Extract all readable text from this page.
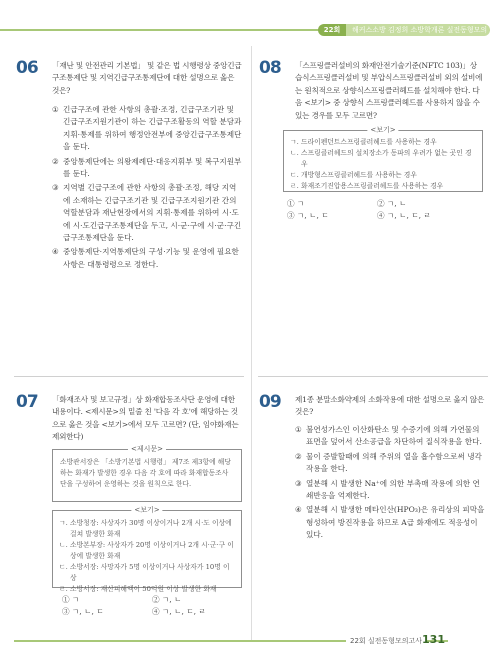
22회	해커스소방 김정희 소방학개론 실전동형모의고사
06 「재난 및 안전관리 기본법」 및 같은 법 시행령상 중앙긴급구조통제단 및 지역긴급구조통제단에 대한 설명으로 옳은 것은?

① 긴급구조에 관한 사항의 총괄·조정, 긴급구조기관 및 긴급구조지원기관이 하는 긴급구조활동의 역할 분담과 지휘·통제를 위하여 행정안전부에 중앙긴급구조통제단을 둔다.
② 중앙통제단에는 의왕제례단·대응지휘부 및 복구지원부를 둔다.
③ 지역별 긴급구조에 관한 사항의 총괄·조정, 해당 지역에 소재하는 긴급구조기관 및 긴급구조지원기관 간의 역할분담과 재난현장에서의 지휘·통제를 위하여 시·도에 시·도긴급구조통제단을 두고, 시·군·구에 시·군·구긴급구조통제단을 둔다.
④ 중앙통제단·지역통제단의 구성·기능 및 운영에 필요한 사항은 대통령령으로 정한다.
08 「스프링클러설비의 화재안전기술기준(NFTC 103)」상 습식스프링클러설비 및 부압식스프링클러설비 외의 설비에는 원칙적으로 상향식스프링클러헤드를 설치해야 한다. 다음 <보기> 중 상향식 스프링클러헤드를 사용하지 않을 수 있는 경우를 모두 고르면?

<보기>
ㄱ. 드라이펜던트스프링클러헤드를 사용하는 경우
ㄴ. 스프링클러헤드의 설치장소가 동파의 우려가 없는 곳인 경우
ㄷ. 개방형스프링클러헤드를 사용하는 경우
ㄹ. 화재조기진압용스프링클러헤드를 사용하는 경우
① ㄱ	② ㄱ, ㄴ
③ ㄱ, ㄴ, ㄷ	④ ㄱ, ㄴ, ㄷ, ㄹ
07 「화재조사 및 보고규정」상 화재합동조사단 운영에 대한 내용이다. <제시문>의 밑줄 친 '다음 각 호'에 해당하는 것으로 옳은 것을 <보기>에서 모두 고르면? (단, 임야화재는 제외한다)

<제시문>
소방관서장은 「소방기본법 시행령」 제7조 제3항에 해당하는 화재가 발생한 경우 다음 각 호에 따라 화재합동조사단을 구성하여 운영하는 것을 원칙으로 한다.
<보기>
ㄱ. 소방청장: 사상자가 30명 이상이거나 2개 시·도 이상에 걸쳐 발생한 화재
ㄴ. 소방본부장: 사상자가 20명 이상이거나 2개 시·군·구 이상에 발생한 화재
ㄷ. 소방서장: 사망자가 5명 이상이거나 사상자가 10명 이상
ㄹ. 소방서장: 재산피해액이 50억원 이상 발생한 화재
① ㄱ	② ㄱ, ㄴ
③ ㄱ, ㄴ, ㄷ	④ ㄱ, ㄴ, ㄷ, ㄹ
09 제1종 분말소화약제의 소화작용에 대한 설명으로 옳지 않은 것은?

① 불연성가스인 이산화탄소 및 수증기에 의해 가연물의 표면을 덮어서 산소공급을 차단하여 질식작용을 한다.
② 물이 증발할때에 의해 주위의 열을 흡수함으로써 냉각작용을 한다.
③ 열분해 시 발생한 Na⁺에 의한 부촉매 작용에 의한 연쇄반응을 억제한다.
④ 열분해 시 발생한 메타인산(HPO₃)은 유리상의 피막을 형성하여 방진작용을 하므로 A급 화재에도 적응성이 있다.
22회 실전동형모의고사 131
